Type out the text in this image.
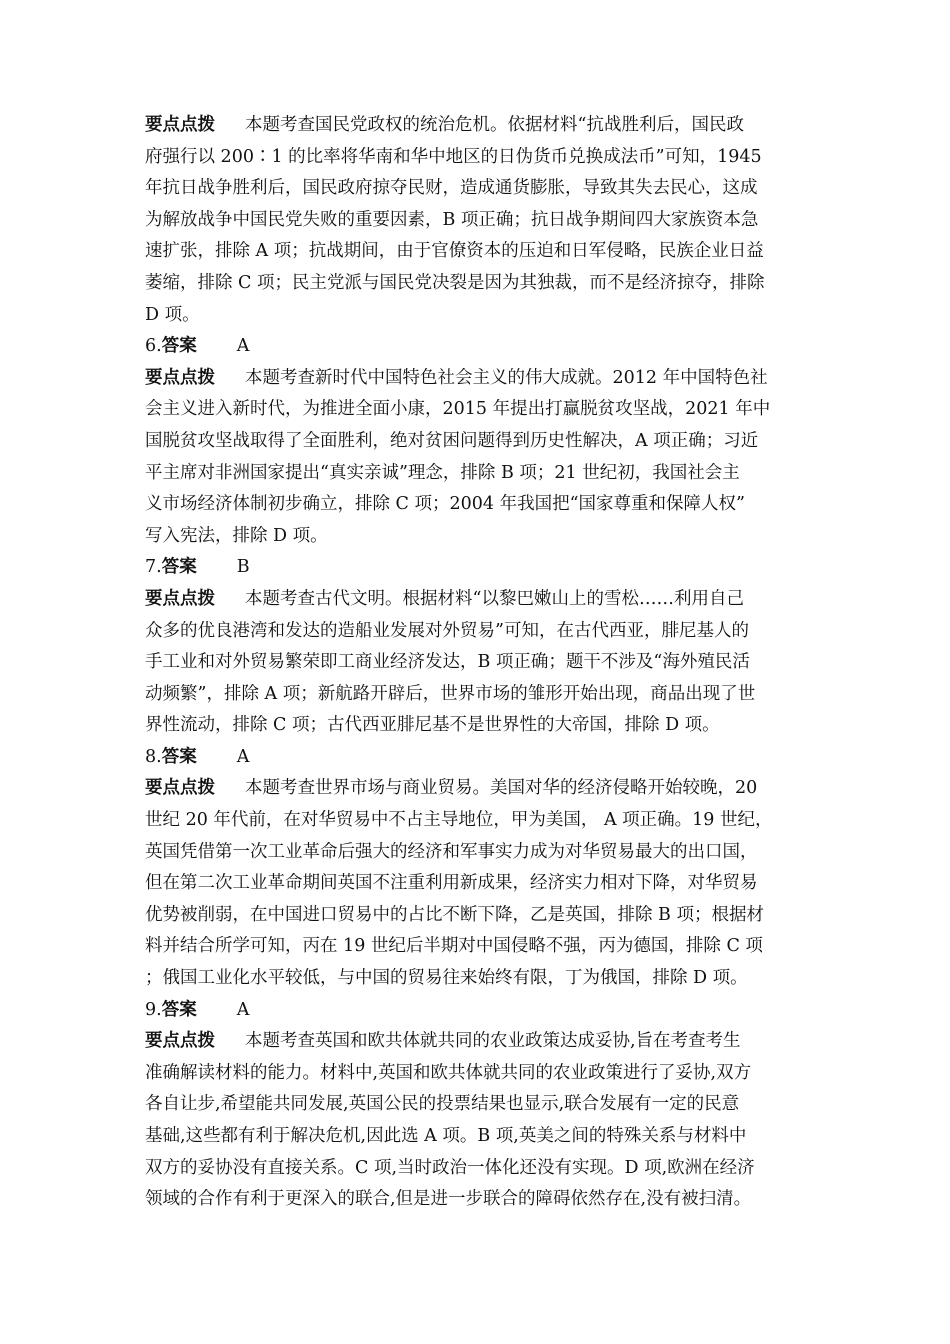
要点点拨 本题考查国民党政权的统治危机。依据材料“抗战胜利后，国民政
府强行以 200∶1 的比率将华南和华中地区的日伪货币兑换成法币”可知，1945
年抗日战争胜利后，国民政府掠夺民财，造成通货膨胀，导致其失去民心，这成
为解放战争中国民党失败的重要因素，B 项正确；抗日战争期间四大家族资本急
速扩张，排除 A 项；抗战期间，由于官僚资本的压迫和日军侵略，民族企业日益
萎缩，排除 C 项；民主党派与国民党决裂是因为其独裁，而不是经济掠夺，排除
D 项。
6.答案 A
要点点拨 本题考查新时代中国特色社会主义的伟大成就。2012 年中国特色社
会主义进入新时代，为推进全面小康，2015 年提出打赢脱贫攻坚战，2021 年中
国脱贫攻坚战取得了全面胜利，绝对贫困问题得到历史性解决，A 项正确；习近
平主席对非洲国家提出“真实亲诚”理念，排除 B 项；21 世纪初，我国社会主
义市场经济体制初步确立，排除 C 项；2004 年我国把“国家尊重和保障人权”
写入宪法，排除 D 项。
7.答案 B
要点点拨 本题考查古代文明。根据材料“以黎巴嫩山上的雪松……利用自己
众多的优良港湾和发达的造船业发展对外贸易”可知，在古代西亚，腓尼基人的
手工业和对外贸易繁荣即工商业经济发达，B 项正确；题干不涉及“海外殖民活
动频繁”，排除 A 项；新航路开辟后，世界市场的雏形开始出现，商品出现了世
界性流动，排除 C 项；古代西亚腓尼基不是世界性的大帝国，排除 D 项。
8.答案 A
要点点拨 本题考查世界市场与商业贸易。美国对华的经济侵略开始较晚，20
世纪 20 年代前，在对华贸易中不占主导地位，甲为美国， A 项正确。19 世纪，
英国凭借第一次工业革命后强大的经济和军事实力成为对华贸易最大的出口国，
但在第二次工业革命期间英国不注重利用新成果，经济实力相对下降，对华贸易
优势被削弱，在中国进口贸易中的占比不断下降，乙是英国，排除 B 项；根据材
料并结合所学可知，丙在 19 世纪后半期对中国侵略不强，丙为德国，排除 C 项
；俄国工业化水平较低，与中国的贸易往来始终有限，丁为俄国，排除 D 项。
9.答案 A
要点点拨 本题考查英国和欧共体就共同的农业政策达成妥协,旨在考查考生
准确解读材料的能力。材料中,英国和欧共体就共同的农业政策进行了妥协,双方
各自让步,希望能共同发展,英国公民的投票结果也显示,联合发展有一定的民意
基础,这些都有利于解决危机,因此选 A 项。B 项,英美之间的特殊关系与材料中
双方的妥协没有直接关系。C 项,当时政治一体化还没有实现。D 项,欧洲在经济
领域的合作有利于更深入的联合,但是进一步联合的障碍依然存在,没有被扫清。
